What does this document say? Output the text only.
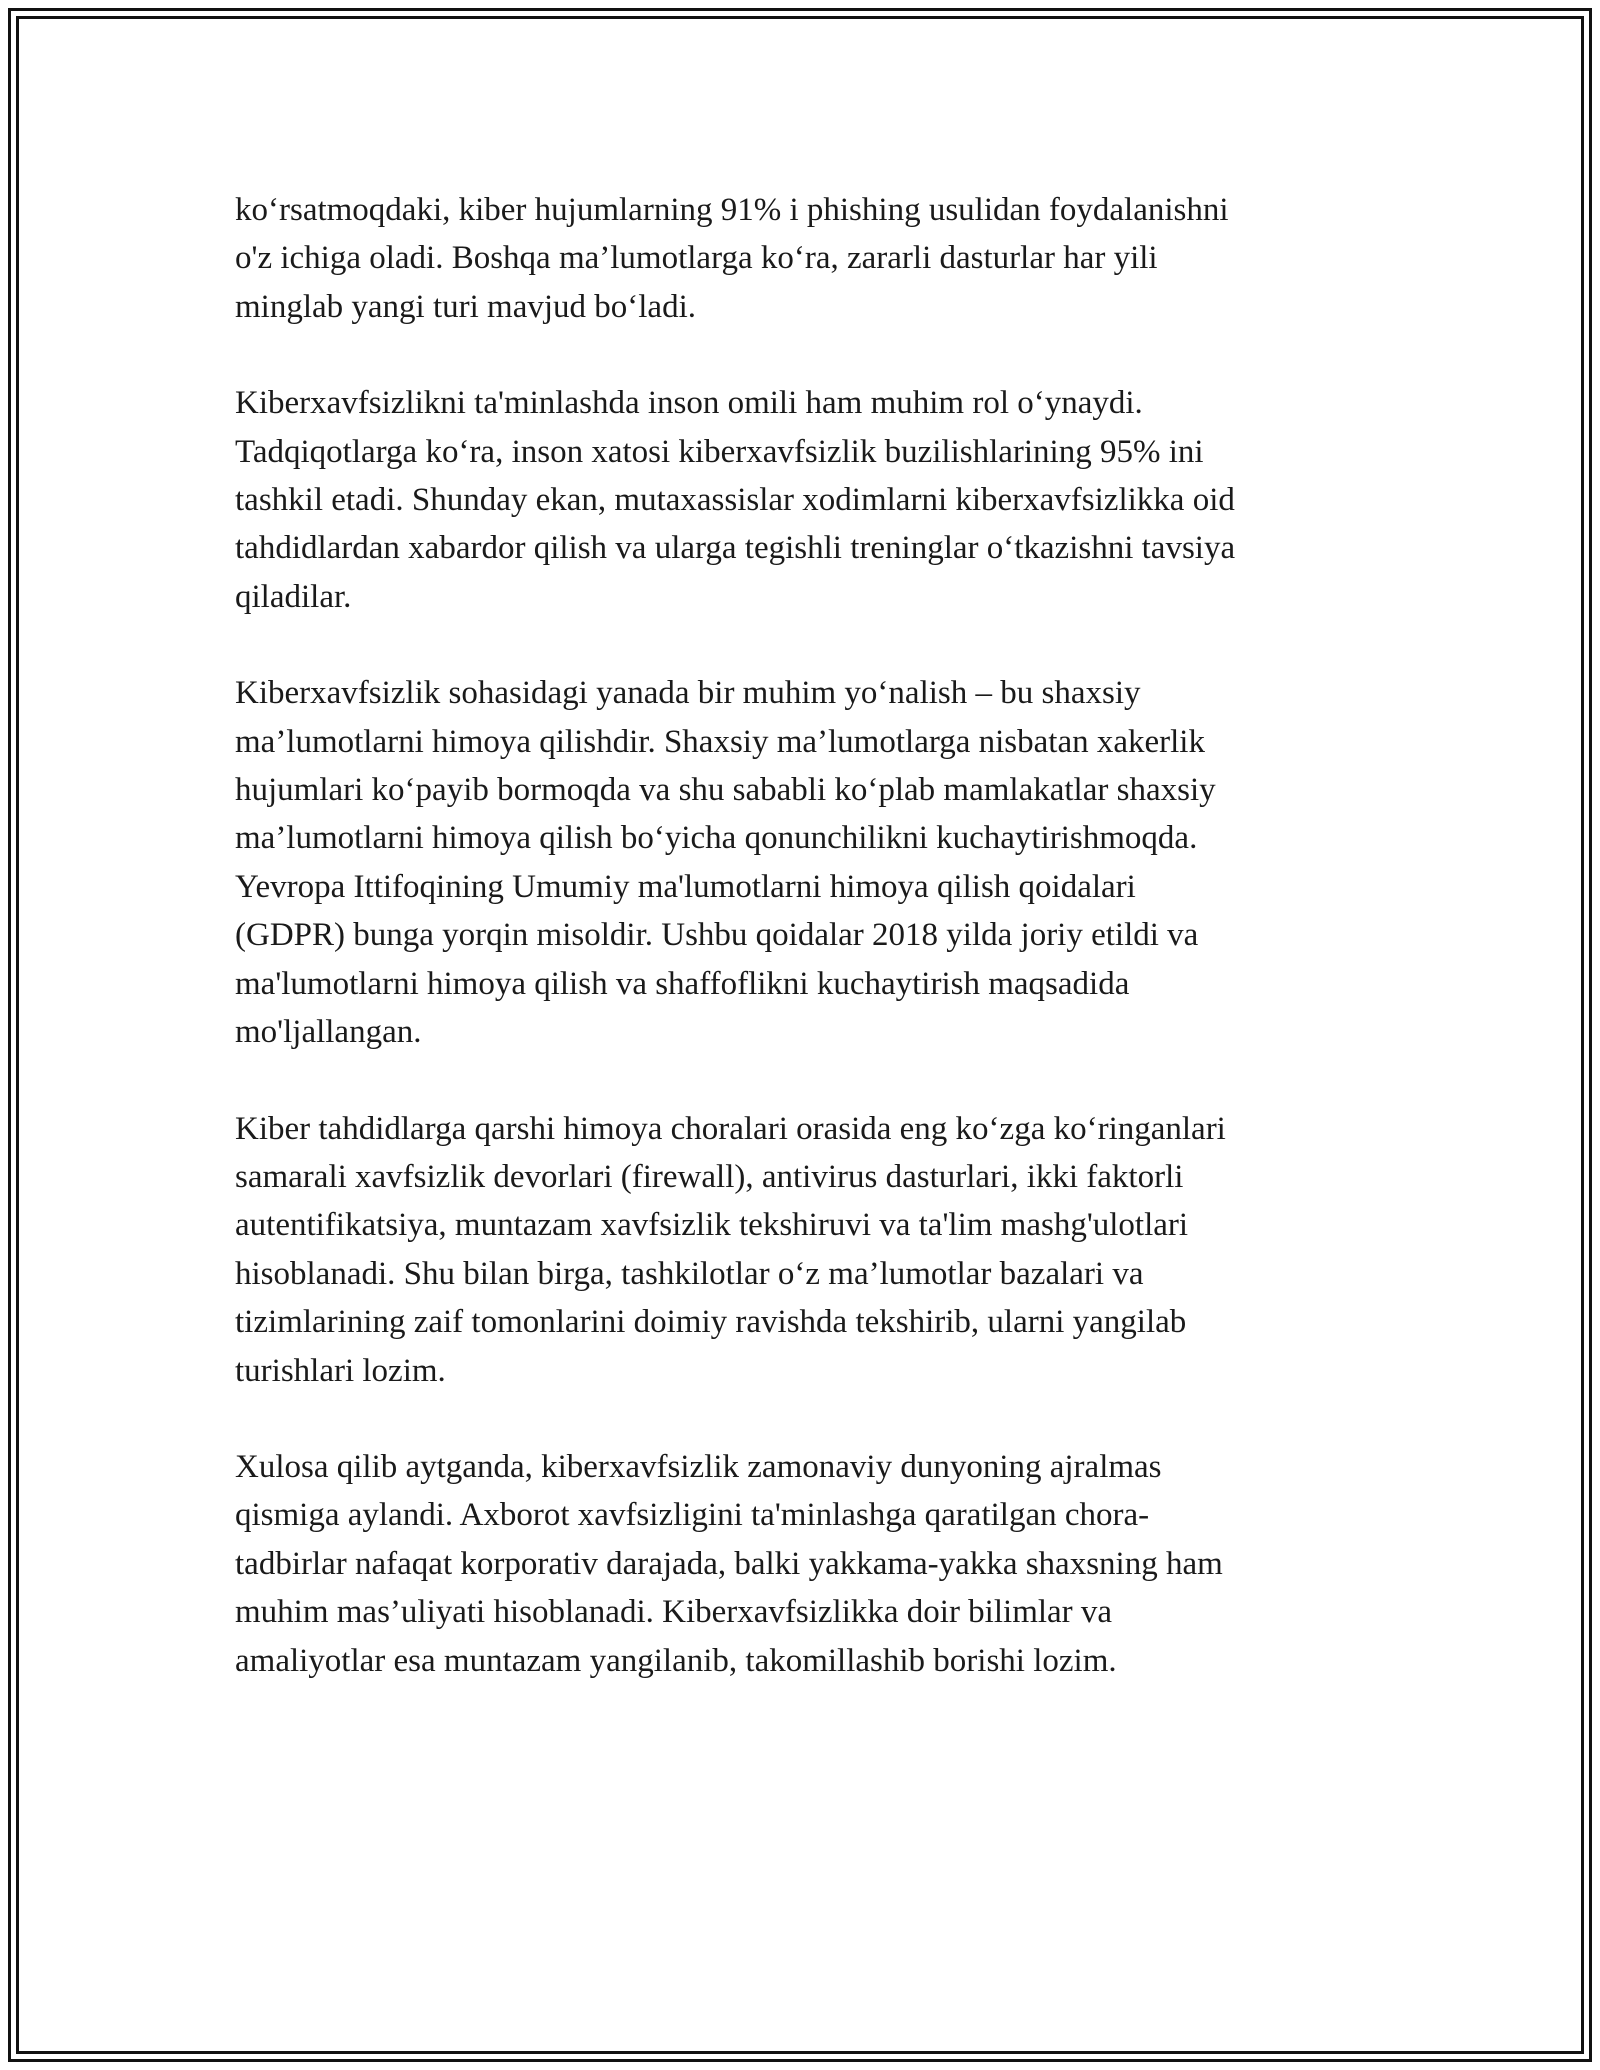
ko‘rsatmoqdaki, kiber hujumlarning 91% i phishing usulidan foydalanishni
o'z ichiga oladi. Boshqa ma’lumotlarga ko‘ra, zararli dasturlar har yili
minglab yangi turi mavjud bo‘ladi.

Kiberxavfsizlikni ta'minlashda inson omili ham muhim rol o‘ynaydi.
Tadqiqotlarga ko‘ra, inson xatosi kiberxavfsizlik buzilishlarining 95% ini
tashkil etadi. Shunday ekan, mutaxassislar xodimlarni kiberxavfsizlikka oid
tahdidlardan xabardor qilish va ularga tegishli treninglar o‘tkazishni tavsiya
qiladilar.

Kiberxavfsizlik sohasidagi yanada bir muhim yo‘nalish – bu shaxsiy
ma’lumotlarni himoya qilishdir. Shaxsiy ma’lumotlarga nisbatan xakerlik
hujumlari ko‘payib bormoqda va shu sababli ko‘plab mamlakatlar shaxsiy
ma’lumotlarni himoya qilish bo‘yicha qonunchilikni kuchaytirishmoqda.
Yevropa Ittifoqining Umumiy ma'lumotlarni himoya qilish qoidalari
(GDPR) bunga yorqin misoldir. Ushbu qoidalar 2018 yilda joriy etildi va
ma'lumotlarni himoya qilish va shaffoflikni kuchaytirish maqsadida
mo'ljallangan.

Kiber tahdidlarga qarshi himoya choralari orasida eng ko‘zga ko‘ringanlari
samarali xavfsizlik devorlari (firewall), antivirus dasturlari, ikki faktorli
autentifikatsiya, muntazam xavfsizlik tekshiruvi va ta'lim mashg'ulotlari
hisoblanadi. Shu bilan birga, tashkilotlar o‘z ma’lumotlar bazalari va
tizimlarining zaif tomonlarini doimiy ravishda tekshirib, ularni yangilab
turishlari lozim.

Xulosa qilib aytganda, kiberxavfsizlik zamonaviy dunyoning ajralmas
qismiga aylandi. Axborot xavfsizligini ta'minlashga qaratilgan chora-
tadbirlar nafaqat korporativ darajada, balki yakkama-yakka shaxsning ham
muhim mas’uliyati hisoblanadi. Kiberxavfsizlikka doir bilimlar va
amaliyotlar esa muntazam yangilanib, takomillashib borishi lozim.
